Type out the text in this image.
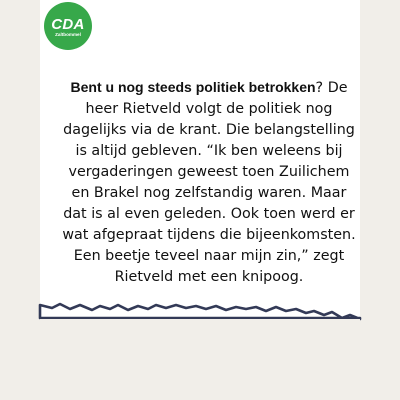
CDA
Zaltbommel

Bent u nog steeds politiek betrokken? De heer Rietveld volgt de politiek nog dagelijks via de krant. Die belangstelling is altijd gebleven. “Ik ben weleens bij vergaderingen geweest toen Zuilichem en Brakel nog zelfstandig waren. Maar dat is al even geleden. Ook toen werd er wat afgepraat tijdens die bijeenkomsten. Een beetje teveel naar mijn zin,” zegt Rietveld met een knipoog.
